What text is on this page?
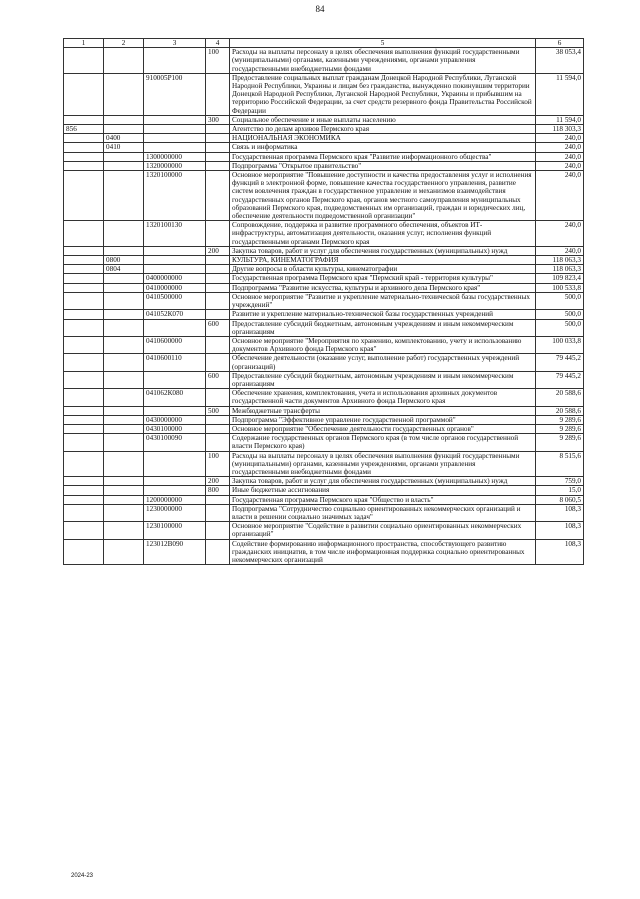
84
1	2	3	4	5	6
			100	Расходы на выплаты персоналу в целях обеспечения выполнения функций государственными (муниципальными) органами, казенными учреждениями, органами управления государственными внебюджетными фондами	38 053,4
		910005Р100		Предоставление социальных выплат гражданам Донецкой Народной Республики, Луганской Народной Республики, Украины и лицам без гражданства, вынужденно покинувшим территории Донецкой Народной Республики, Луганской Народной Республики, Украины и прибывшим на территорию Российской Федерации, за счет средств резервного фонда Правительства Российской Федерации	11 594,0
			300	Социальное обеспечение и иные выплаты населению	11 594,0
856				Агентство по делам архивов Пермского края	118 303,3
	0400			НАЦИОНАЛЬНАЯ ЭКОНОМИКА	240,0
	0410			Связь и информатика	240,0
		1300000000		Государственная программа Пермского края "Развитие информационного общества"	240,0
		1320000000		Подпрограмма "Открытое правительство"	240,0
		1320100000		Основное мероприятие "Повышение доступности и качества предоставления услуг и исполнения функций в электронной форме, повышение качества государственного управления, развитие систем вовлечения граждан в государственное управление и механизмов взаимодействия государственных органов Пермского края, органов местного самоуправления муниципальных образований Пермского края, подведомственных им организаций, граждан и юридических лиц, обеспечение деятельности подведомственной организации"	240,0
		1320100130		Сопровождение, поддержка и развитие программного обеспечения, объектов ИТ-инфраструктуры, автоматизация деятельности, оказания услуг, исполнения функций государственными органами Пермского края	240,0
			200	Закупка товаров, работ и услуг для обеспечения государственных (муниципальных) нужд	240,0
	0800			КУЛЬТУРА, КИНЕМАТОГРАФИЯ	118 063,3
	0804			Другие вопросы в области культуры, кинематографии	118 063,3
		0400000000		Государственная программа Пермского края "Пермский край - территория культуры"	109 823,4
		0410000000		Подпрограмма "Развитие искусства, культуры и архивного дела Пермского края"	100 533,8
		0410500000		Основное мероприятие "Развитие и укрепление материально-технической базы государственных учреждений"	500,0
		041052К070		Развитие и укрепление материально-технической базы государственных учреждений	500,0
			600	Предоставление субсидий бюджетным, автономным учреждениям и иным некоммерческим организациям	500,0
		0410600000		Основное мероприятие "Мероприятия по хранению, комплектованию, учету и использованию документов Архивного фонда Пермского края"	100 033,8
		0410600110		Обеспечение деятельности (оказание услуг, выполнение работ) государственных учреждений (организаций)	79 445,2
			600	Предоставление субсидий бюджетным, автономным учреждениям и иным некоммерческим организациям	79 445,2
		041062К080		Обеспечение хранения, комплектования, учета и использования архивных документов государственной части документов Архивного фонда Пермского края	20 588,6
			500	Межбюджетные трансферты	20 588,6
		0430000000		Подпрограмма "Эффективное управление государственной программой"	9 289,6
		0430100000		Основное мероприятие "Обеспечение деятельности государственных органов"	9 289,6
		0430100090		Содержание государственных органов Пермского края (в том числе органов государственной власти Пермского края)	9 289,6
			100	Расходы на выплаты персоналу в целях обеспечения выполнения функций государственными (муниципальными) органами, казенными учреждениями, органами управления государственными внебюджетными фондами	8 515,6
			200	Закупка товаров, работ и услуг для обеспечения государственных (муниципальных) нужд	759,0
			800	Иные бюджетные ассигнования	15,0
		1200000000		Государственная программа Пермского края "Общество и власть"	8 060,5
		1230000000		Подпрограмма "Сотрудничество социально ориентированных некоммерческих организаций и власти в решении социально значимых задач"	108,3
		1230100000		Основное мероприятие "Содействие в развитии социально ориентированных некоммерческих организаций"	108,3
		123012В090		Содействие формированию информационного пространства, способствующего развитию гражданских инициатив, в том числе информационная поддержка социально ориентированных некоммерческих организаций	108,3
2024-23
